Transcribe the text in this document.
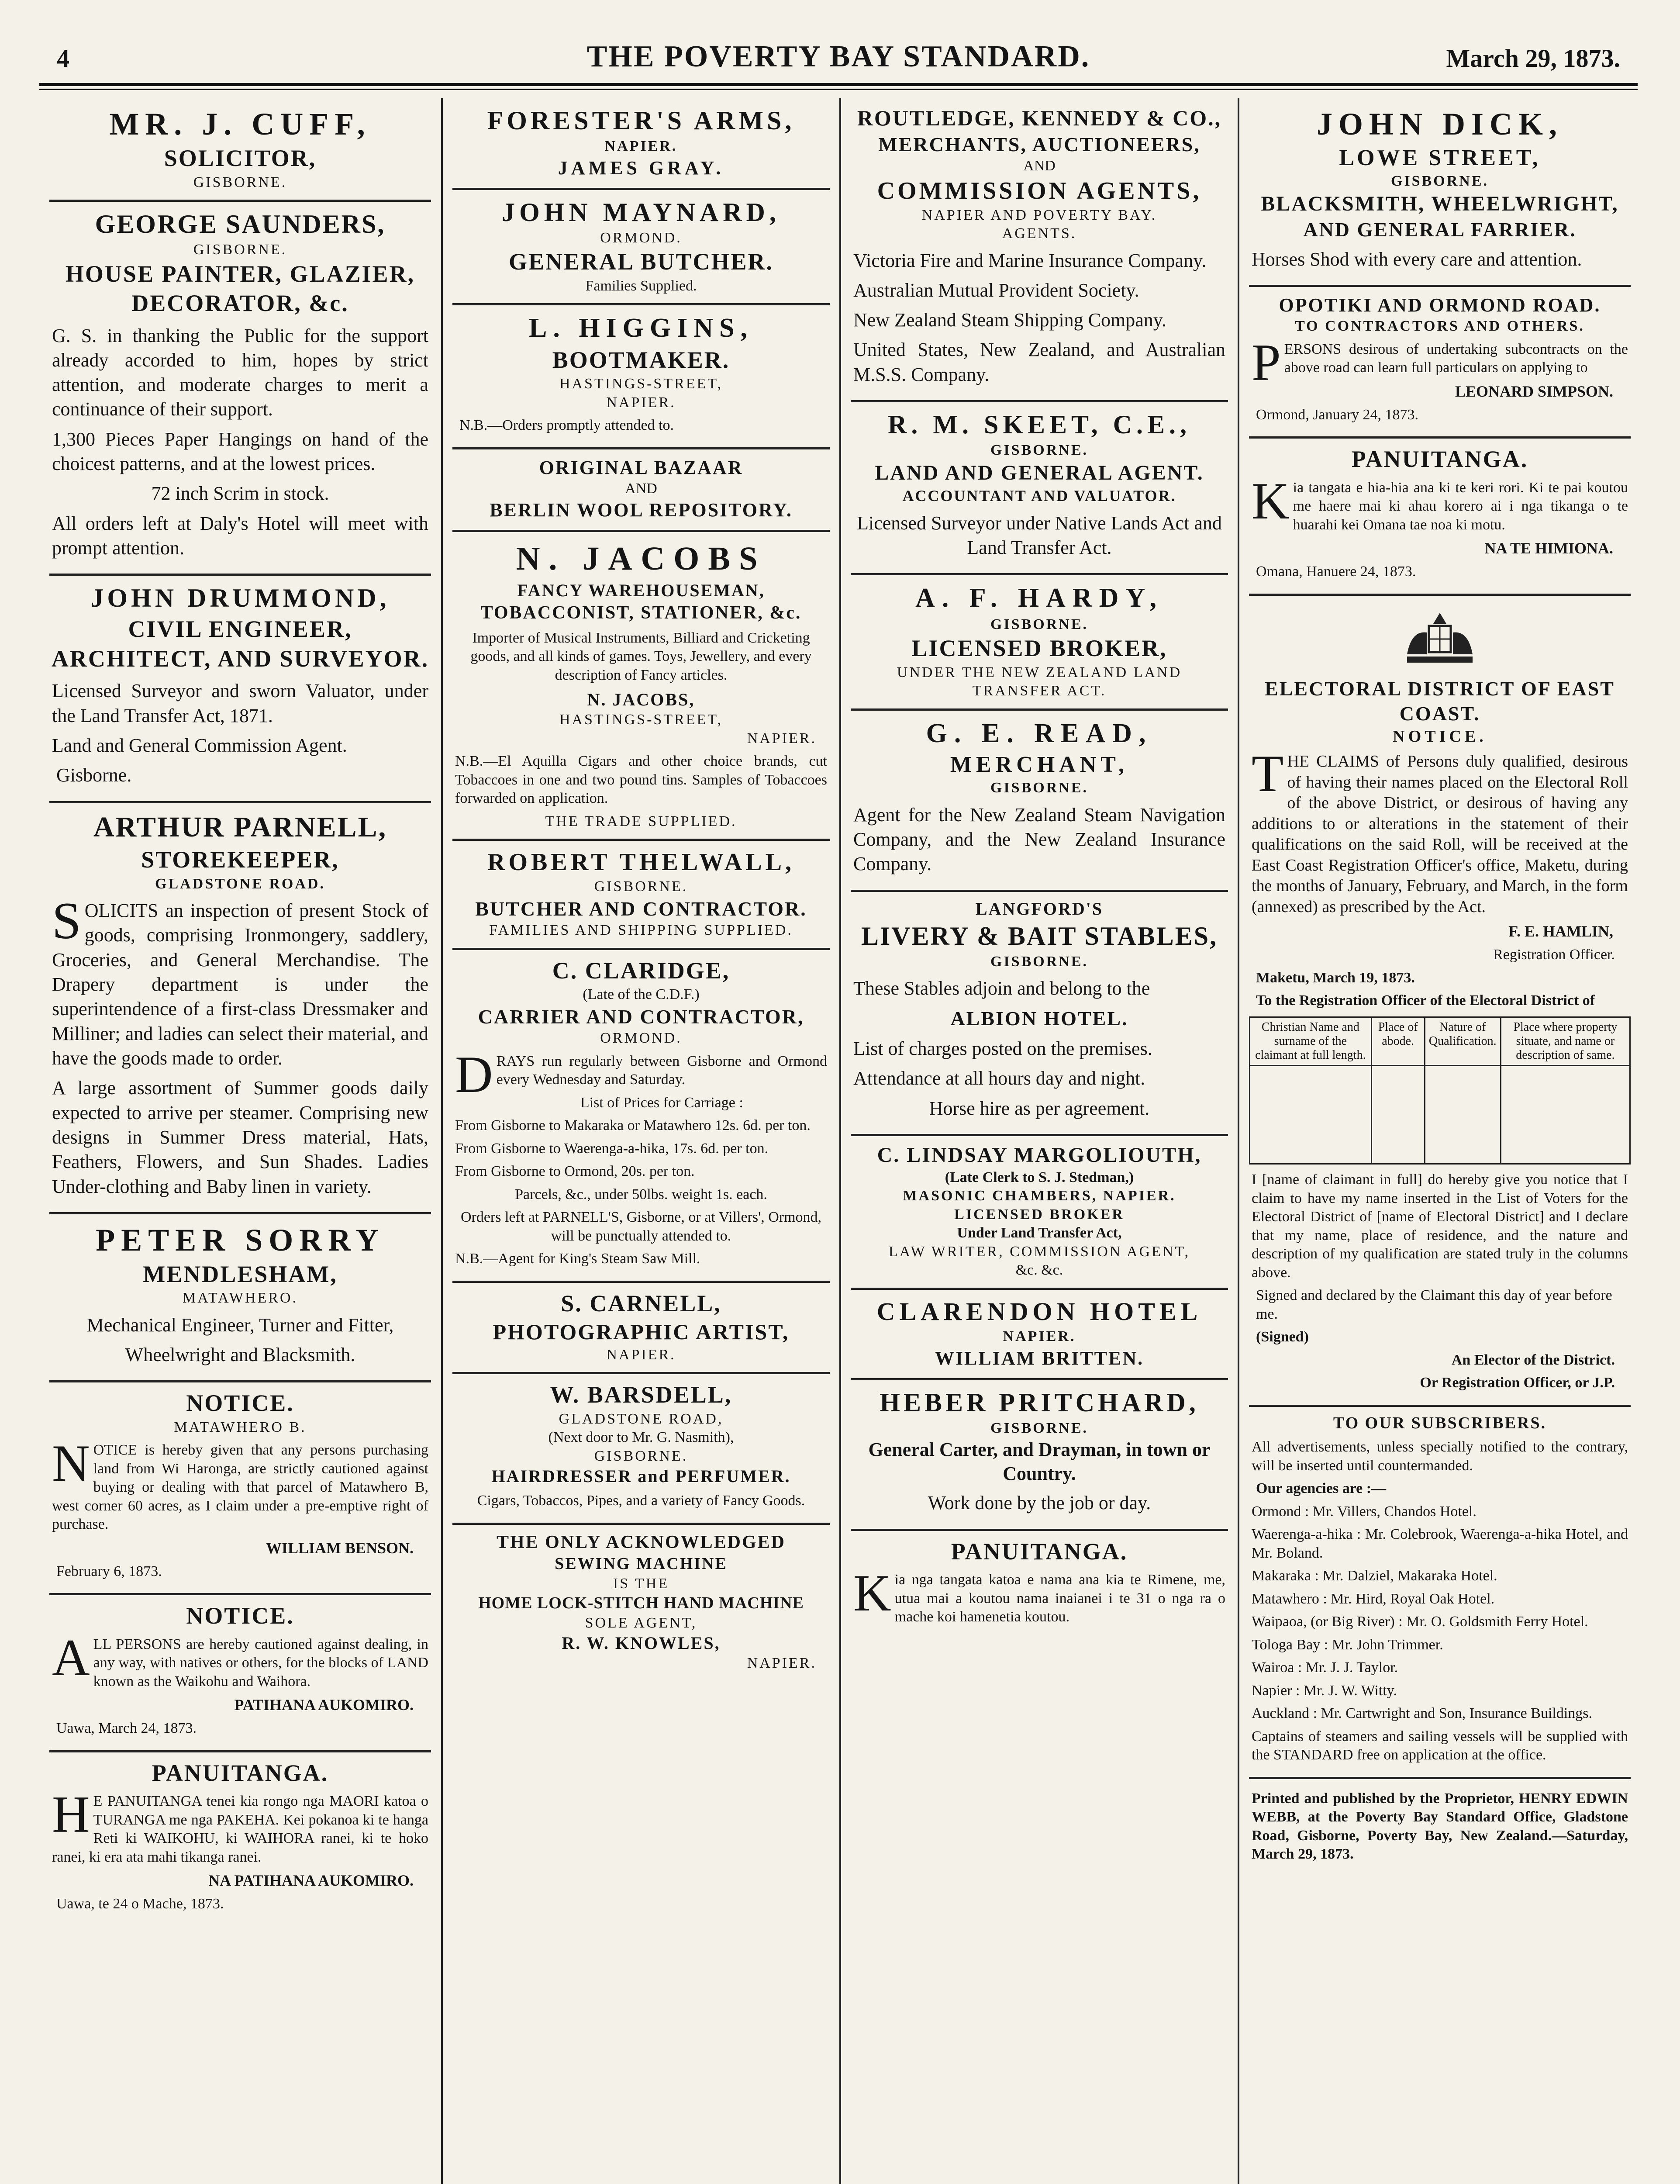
4	THE POVERTY BAY STANDARD.	March 29, 1873.
MR. J. CUFF,
SOLICITOR,
GISBORNE.
GEORGE SAUNDERS,
GISBORNE.
HOUSE PAINTER, GLAZIER,
DECORATOR, &c.
G. S. in thanking the Public for the support already accorded to him, hopes by strict attention, and moderate charges to merit a continuance of their support.
1,300 Pieces Paper Hangings on hand of the choicest patterns, and at the lowest prices.
72 inch Scrim in stock.
All orders left at Daly's Hotel will meet with prompt attention.
JOHN DRUMMOND,
CIVIL ENGINEER, ARCHITECT, AND SURVEYOR.
Licensed Surveyor and sworn Valuator, under the Land Transfer Act, 1871.
Land and General Commission Agent.
Gisborne.
ARTHUR PARNELL,
STOREKEEPER,
GLADSTONE ROAD.
SOLICITS an inspection of present Stock of goods, comprising Ironmongery, saddlery, Groceries, and General Merchandise. The Drapery department is under the superintendence of a first-class Dressmaker and Milliner; and ladies can select their material, and have the goods made to order.
A large assortment of Summer goods daily expected to arrive per steamer. Comprising new designs in Summer Dress material, Hats, Feathers, Flowers, and Sun Shades. Ladies Under-clothing and Baby linen in variety.
PETER SORRY
MENDLESHAM,
MATAWHERO.
Mechanical Engineer, Turner and Fitter,
Wheelwright and Blacksmith.
NOTICE.
MATAWHERO B.
NOTICE is hereby given that any persons purchasing land from Wi Haronga, are strictly cautioned against buying or dealing with that parcel of Matawhero B, west corner 60 acres, as I claim under a pre-emptive right of purchase.
WILLIAM BENSON.
February 6, 1873.
NOTICE.
ALL PERSONS are hereby cautioned against dealing, in any way, with natives or others, for the blocks of LAND known as the Waikohu and Waihora.
PATIHANA AUKOMIRO.
Uawa, March 24, 1873.
PANUITANGA.
HE PANUITANGA tenei kia rongo nga MAORI katoa o TURANGA me nga PAKEHA. Kei pokanoa ki te hanga Reti ki WAIKOHU, ki WAIHORA ranei, ki te hoko ranei, ki era ata mahi tikanga ranei.
NA PATIHANA AUKOMIRO.
Uawa, te 24 o Mache, 1873.
FORESTER'S ARMS,
NAPIER.
JAMES GRAY.
JOHN MAYNARD,
ORMOND.
GENERAL BUTCHER.
Families Supplied.
L. HIGGINS,
BOOTMAKER.
HASTINGS-STREET,
NAPIER.
N.B.—Orders promptly attended to.
ORIGINAL BAZAAR
AND
BERLIN WOOL REPOSITORY.
N. JACOBS
FANCY WAREHOUSEMAN,
TOBACCONIST, STATIONER, &c.
Importer of Musical Instruments, Billiard and Cricketing goods, and all kinds of games. Toys, Jewellery, and every description of Fancy articles.
N. JACOBS,
HASTINGS-STREET,
NAPIER.
N.B.—El Aquilla Cigars and other choice brands, cut Tobaccoes in one and two pound tins. Samples of Tobaccoes forwarded on application.
THE TRADE SUPPLIED.
ROBERT THELWALL,
GISBORNE.
BUTCHER AND CONTRACTOR.
FAMILIES AND SHIPPING SUPPLIED.
C. CLARIDGE,
(Late of the C.D.F.)
CARRIER AND CONTRACTOR,
ORMOND.
DRAYS run regularly between Gisborne and Ormond every Wednesday and Saturday.
List of Prices for Carriage :
From Gisborne to Makaraka or Matawhero 12s. 6d. per ton.
From Gisborne to Waerenga-a-hika, 17s. 6d. per ton.
From Gisborne to Ormond, 20s. per ton.
Parcels, &c., under 50lbs. weight 1s. each.
Orders left at PARNELL'S, Gisborne, or at Villers', Ormond, will be punctually attended to.
N.B.—Agent for King's Steam Saw Mill.
S. CARNELL,
PHOTOGRAPHIC ARTIST,
NAPIER.
W. BARSDELL,
GLADSTONE ROAD,
(Next door to Mr. G. Nasmith),
GISBORNE.
HAIRDRESSER and PERFUMER.
Cigars, Tobaccos, Pipes, and a variety of Fancy Goods.
THE ONLY ACKNOWLEDGED
SEWING MACHINE
IS THE
HOME LOCK-STITCH HAND MACHINE
SOLE AGENT,
R. W. KNOWLES,
NAPIER.
ROUTLEDGE, KENNEDY & CO.,
MERCHANTS, AUCTIONEERS,
AND
COMMISSION AGENTS,
NAPIER AND POVERTY BAY.
AGENTS.
Victoria Fire and Marine Insurance Company.
Australian Mutual Provident Society.
New Zealand Steam Shipping Company.
United States, New Zealand, and Australian M.S.S. Company.
R. M. SKEET, C.E.,
GISBORNE.
LAND AND GENERAL AGENT.
ACCOUNTANT AND VALUATOR.
Licensed Surveyor under Native Lands Act and Land Transfer Act.
A. F. HARDY,
GISBORNE.
LICENSED BROKER,
UNDER THE NEW ZEALAND LAND TRANSFER ACT.
G. E. READ,
MERCHANT,
GISBORNE.
Agent for the New Zealand Steam Navigation Company, and the New Zealand Insurance Company.
LANGFORD'S
LIVERY & BAIT STABLES,
GISBORNE.
These Stables adjoin and belong to the
ALBION HOTEL.
List of charges posted on the premises.
Attendance at all hours day and night.
Horse hire as per agreement.
C. LINDSAY MARGOLIOUTH,
(Late Clerk to S. J. Stedman,)
MASONIC CHAMBERS, NAPIER.
LICENSED BROKER
Under Land Transfer Act,
LAW WRITER, COMMISSION AGENT,
&c. &c.
CLARENDON HOTEL
NAPIER.
WILLIAM BRITTEN.
HEBER PRITCHARD,
GISBORNE.
General Carter, and Drayman, in town or Country.
Work done by the job or day.
PANUITANGA.
Kia nga tangata katoa e nama ana kia te Rimene, me, utua mai a koutou nama inaianei i te 31 o nga ra o mache koi hamenetia koutou.
JOHN DICK,
LOWE STREET,
GISBORNE.
BLACKSMITH, WHEELWRIGHT,
AND GENERAL FARRIER.
Horses Shod with every care and attention.
OPOTIKI AND ORMOND ROAD.
TO CONTRACTORS AND OTHERS.
PERSONS desirous of undertaking subcontracts on the above road can learn full particulars on applying to
LEONARD SIMPSON.
Ormond, January 24, 1873.
PANUITANGA.
Kia tangata e hia-hia ana ki te keri rori. Ki te pai koutou me haere mai ki ahau korero ai i nga tikanga o te huarahi kei Omana tae noa ki motu.
NA TE HIMIONA.
Omana, Hanuere 24, 1873.
ELECTORAL DISTRICT OF EAST COAST.
NOTICE.
THE CLAIMS of Persons duly qualified, desirous of having their names placed on the Electoral Roll of the above District, or desirous of having any additions to or alterations in the statement of their qualifications on the said Roll, will be received at the East Coast Registration Officer's office, Maketu, during the months of January, February, and March, in the form (annexed) as prescribed by the Act.
F. E. HAMLIN,
Registration Officer.
Maketu, March 19, 1873.
To the Registration Officer of the Electoral District of
Christian Name and surname of the claimant at full length.	Place of abode.	Nature of Qualification.	Place where property situate, and name or description of same.

I [name of claimant in full] do hereby give you notice that I claim to have my name inserted in the List of Voters for the Electoral District of [name of Electoral District] and I declare that my name, place of residence, and the nature and description of my qualification are stated truly in the columns above.
Signed and declared by the Claimant this day of year before me.
(Signed)
An Elector of the District.
Or Registration Officer, or J.P.
TO OUR SUBSCRIBERS.
All advertisements, unless specially notified to the contrary, will be inserted until countermanded.
Our agencies are :—
Ormond : Mr. Villers, Chandos Hotel.
Waerenga-a-hika : Mr. Colebrook, Waerenga-a-hika Hotel, and Mr. Boland.
Makaraka : Mr. Dalziel, Makaraka Hotel.
Matawhero : Mr. Hird, Royal Oak Hotel.
Waipaoa, (or Big River) : Mr. O. Goldsmith Ferry Hotel.
Tologa Bay : Mr. John Trimmer.
Wairoa : Mr. J. J. Taylor.
Napier : Mr. J. W. Witty.
Auckland : Mr. Cartwright and Son, Insurance Buildings.
Captains of steamers and sailing vessels will be supplied with the STANDARD free on application at the office.
Printed and published by the Proprietor, HENRY EDWIN WEBB, at the Poverty Bay Standard Office, Gladstone Road, Gisborne, Poverty Bay, New Zealand.—Saturday, March 29, 1873.
